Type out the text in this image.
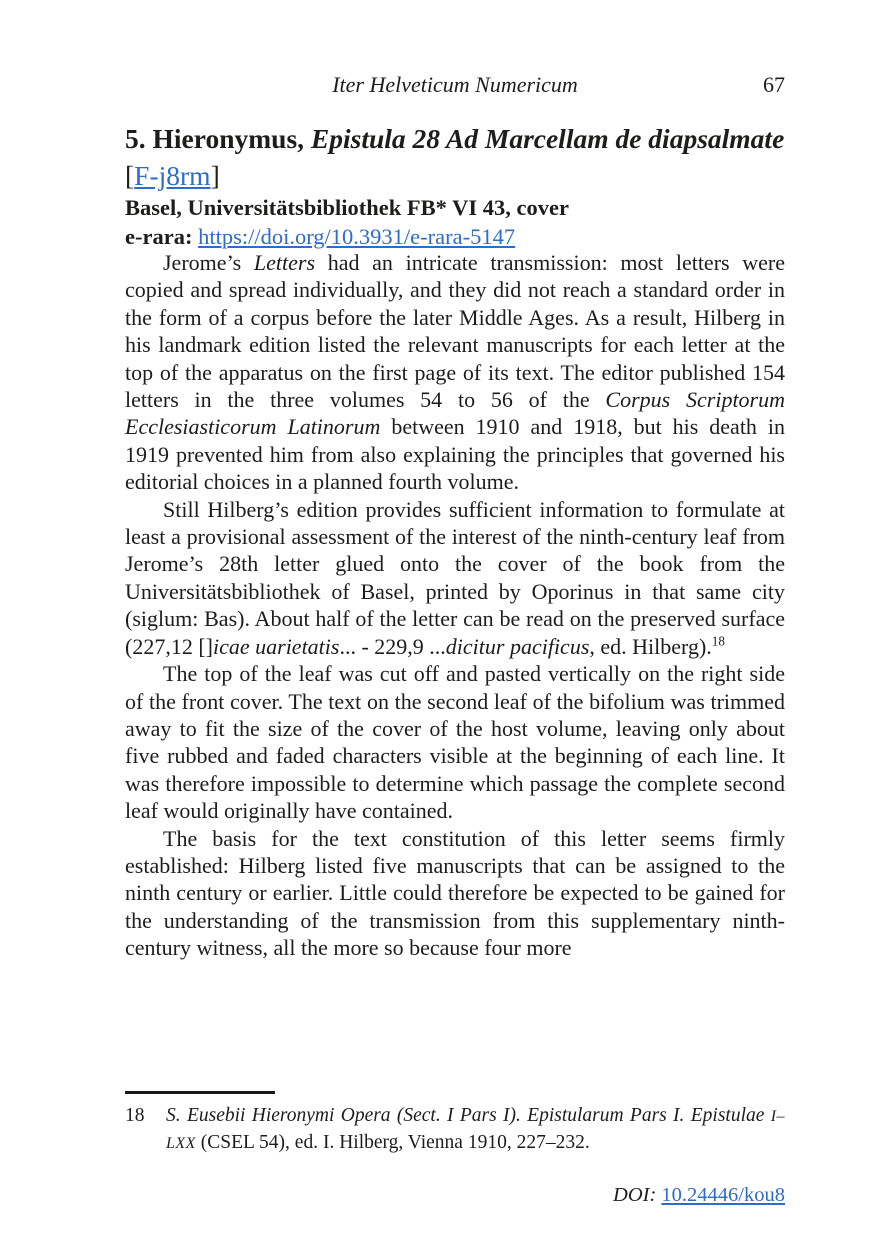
Iter Helveticum Numericum	67
5. Hieronymus, Epistula 28 Ad Marcellam de diapsalmate [F-j8rm]
Basel, Universitätsbibliothek FB* VI 43, cover
e-rara: https://doi.org/10.3931/e-rara-5147

Jerome’s Letters had an intricate transmission: most letters were copied and spread individually, and they did not reach a standard order in the form of a corpus before the later Middle Ages. As a result, Hilberg in his landmark edition listed the relevant manuscripts for each letter at the top of the apparatus on the first page of its text. The editor published 154 letters in the three volumes 54 to 56 of the Corpus Scriptorum Ecclesiasticorum Latinorum between 1910 and 1918, but his death in 1919 prevented him from also explaining the principles that governed his editorial choices in a planned fourth volume.

Still Hilberg’s edition provides sufficient information to formulate at least a provisional assessment of the interest of the ninth-century leaf from Jerome’s 28th letter glued onto the cover of the book from the Universitätsbibliothek of Basel, printed by Oporinus in that same city (siglum: Bas). About half of the letter can be read on the preserved surface (227,12 []icae uarietatis... - 229,9 ...dicitur pacificus, ed. Hilberg).$^{18}$

The top of the leaf was cut off and pasted vertically on the right side of the front cover. The text on the second leaf of the bifolium was trimmed away to fit the size of the cover of the host volume, leaving only about five rubbed and faded characters visible at the beginning of each line. It was therefore impossible to determine which passage the complete second leaf would originally have contained.

The basis for the text constitution of this letter seems firmly established: Hilberg listed five manuscripts that can be assigned to the ninth century or earlier. Little could therefore be expected to be gained for the understanding of the transmission from this supplementary ninth-century witness, all the more so because four more

18 S. Eusebii Hieronymi Opera (Sect. I Pars I). Epistularum Pars I. Epistulae I–LXX (CSEL 54), ed. I. Hilberg, Vienna 1910, 227–232.
DOI: 10.24446/kou8
